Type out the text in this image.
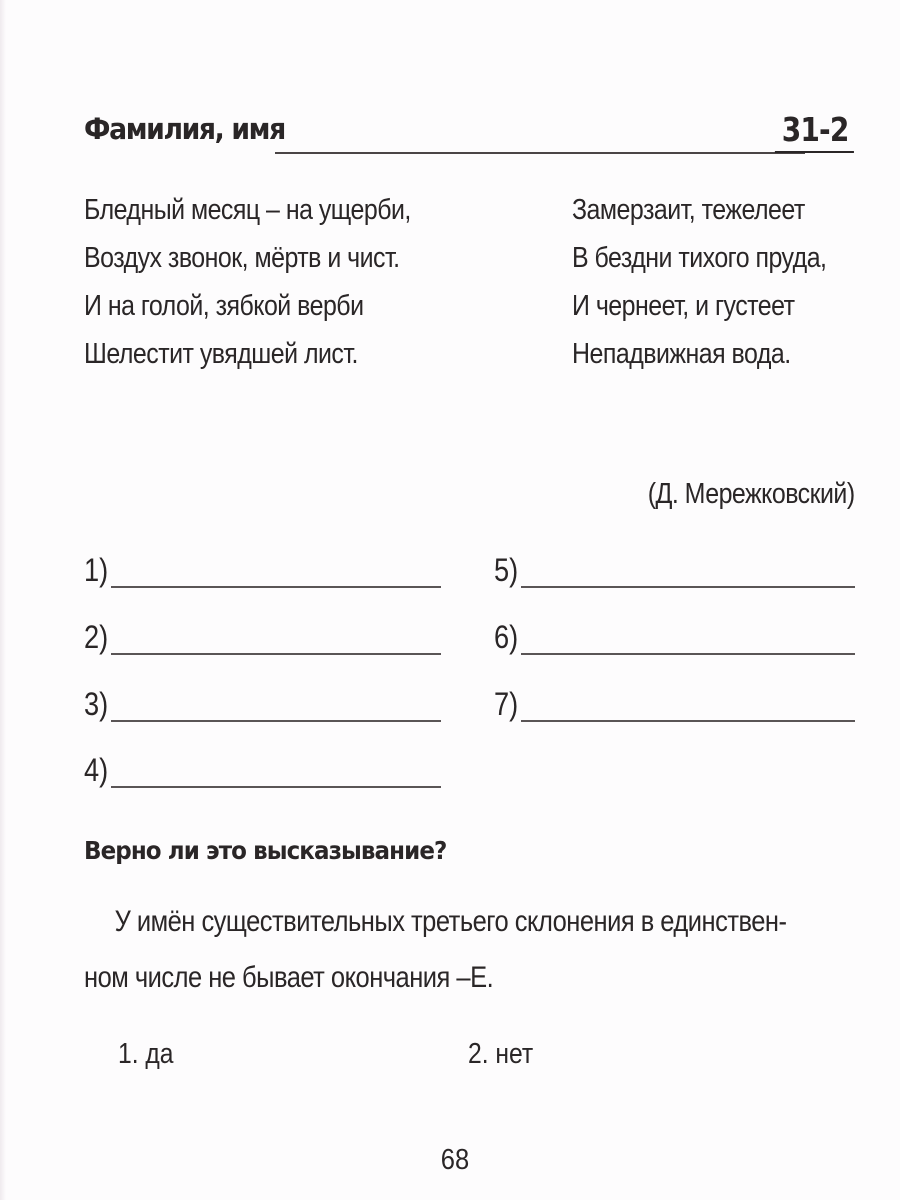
Фамилия, имя	31-2
Бледный месяц – на ущерби,
Воздух звонок, мёртв и чист.
И на голой, зябкой верби
Шелестит увядшей лист.
Замерзаит, тежелеет
В бездни тихого пруда,
И чернеет, и густеет
Непадвижная вода.
(Д. Мережковский)
1)
2)
3)
4)
5)
6)
7)
Верно ли это высказывание?
У имён существительных третьего склонения в единствен-
ном числе не бывает окончания –Е.
1. да	2. нет
68
